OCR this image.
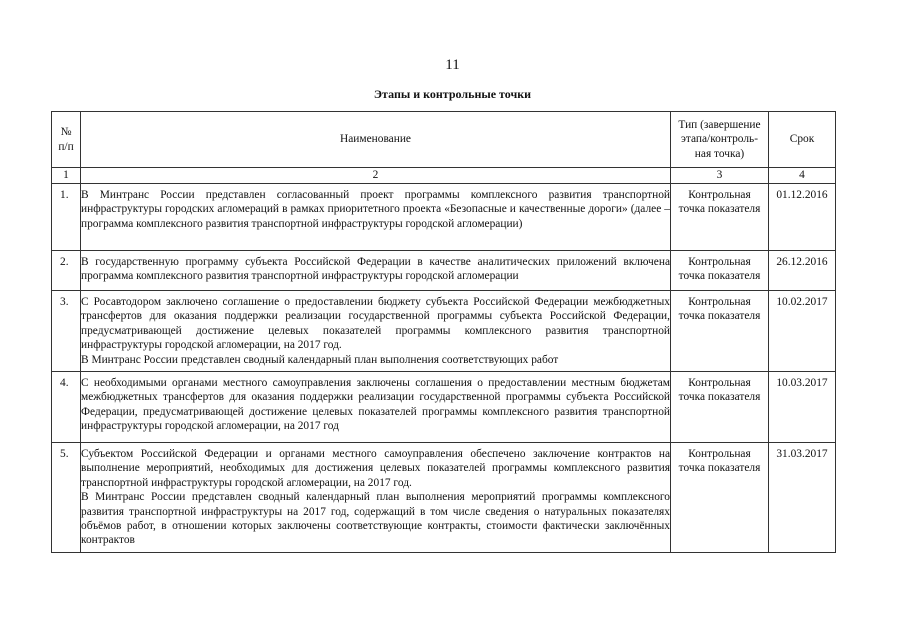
11
Этапы и контрольные точки
№
п/п	Наименование	Тип (завершение
этапа/контроль-
ная точка)	Срок
1	2	3	4
1.	В Минтранс России представлен согласованный проект программы комплексного развития транспортной инфраструктуры городских агломераций в рамках приоритетного проекта «Безопасные и качественные дороги» (далее – программа комплексного развития транспортной инфраструктуры городской агломерации)	Контрольная
точка показателя	01.12.2016
2.	В государственную программу субъекта Российской Федерации в качестве аналитических приложений включена программа комплексного развития транспортной инфраструктуры городской агломерации	Контрольная
точка показателя	26.12.2016
3.	С Росавтодором заключено соглашение о предоставлении бюджету субъекта Российской Федерации межбюджетных трансфертов для оказания поддержки реализации государственной программы субъекта Российской Федерации, предусматривающей достижение целевых показателей программы комплексного развития транспортной инфраструктуры городской агломерации, на 2017 год.
В Минтранс России представлен сводный календарный план выполнения соответствующих работ	Контрольная
точка показателя	10.02.2017
4.	С необходимыми органами местного самоуправления заключены соглашения о предоставлении местным бюджетам межбюджетных трансфертов для оказания поддержки реализации государственной программы субъекта Российской Федерации, предусматривающей достижение целевых показателей программы комплексного развития транспортной инфраструктуры городской агломерации, на 2017 год	Контрольная
точка показателя	10.03.2017
5.	Субъектом Российской Федерации и органами местного самоуправления обеспечено заключение контрактов на выполнение мероприятий, необходимых для достижения целевых показателей программы комплексного развития транспортной инфраструктуры городской агломерации, на 2017 год.
В Минтранс России представлен сводный календарный план выполнения мероприятий программы комплексного развития транспортной инфраструктуры на 2017 год, содержащий в том числе сведения о натуральных показателях объёмов работ, в отношении которых заключены соответствующие контракты, стоимости фактически заключённых контрактов	Контрольная
точка показателя	31.03.2017
